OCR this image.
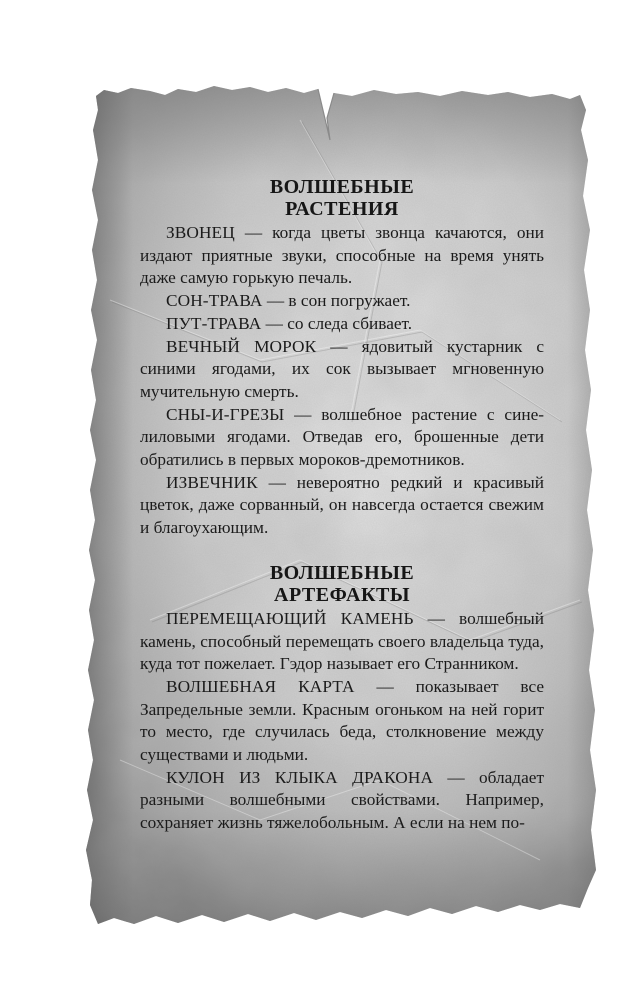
ВОЛШЕБНЫЕ
РАСТЕНИЯ

ЗВОНЕЦ — когда цветы звонца качаются, они издают приятные звуки, способные на время унять даже самую горькую печаль.

СОН-ТРАВА — в сон погружает.

ПУТ-ТРАВА — со следа сбивает.

ВЕЧНЫЙ МОРОК — ядовитый кустарник с синими ягодами, их сок вызывает мгновенную мучительную смерть.

СНЫ-И-ГРЕЗЫ — волшебное растение с сине-лиловыми ягодами. Отведав его, брошенные дети обратились в первых мороков-дремотников.

ИЗВЕЧНИК — невероятно редкий и красивый цветок, даже сорванный, он навсегда остается свежим и благоухающим.

ВОЛШЕБНЫЕ
АРТЕФАКТЫ

ПЕРЕМЕЩАЮЩИЙ КАМЕНЬ — волшебный камень, способный перемещать своего владельца туда, куда тот пожелает. Гэдор называет его Странником.

ВОЛШЕБНАЯ КАРТА — показывает все Запредельные земли. Красным огоньком на ней горит то место, где случилась беда, столкновение между существами и людьми.

КУЛОН ИЗ КЛЫКА ДРАКОНА — обладает разными волшебными свойствами. Например, сохраняет жизнь тяжелобольным. А если на нем по-
